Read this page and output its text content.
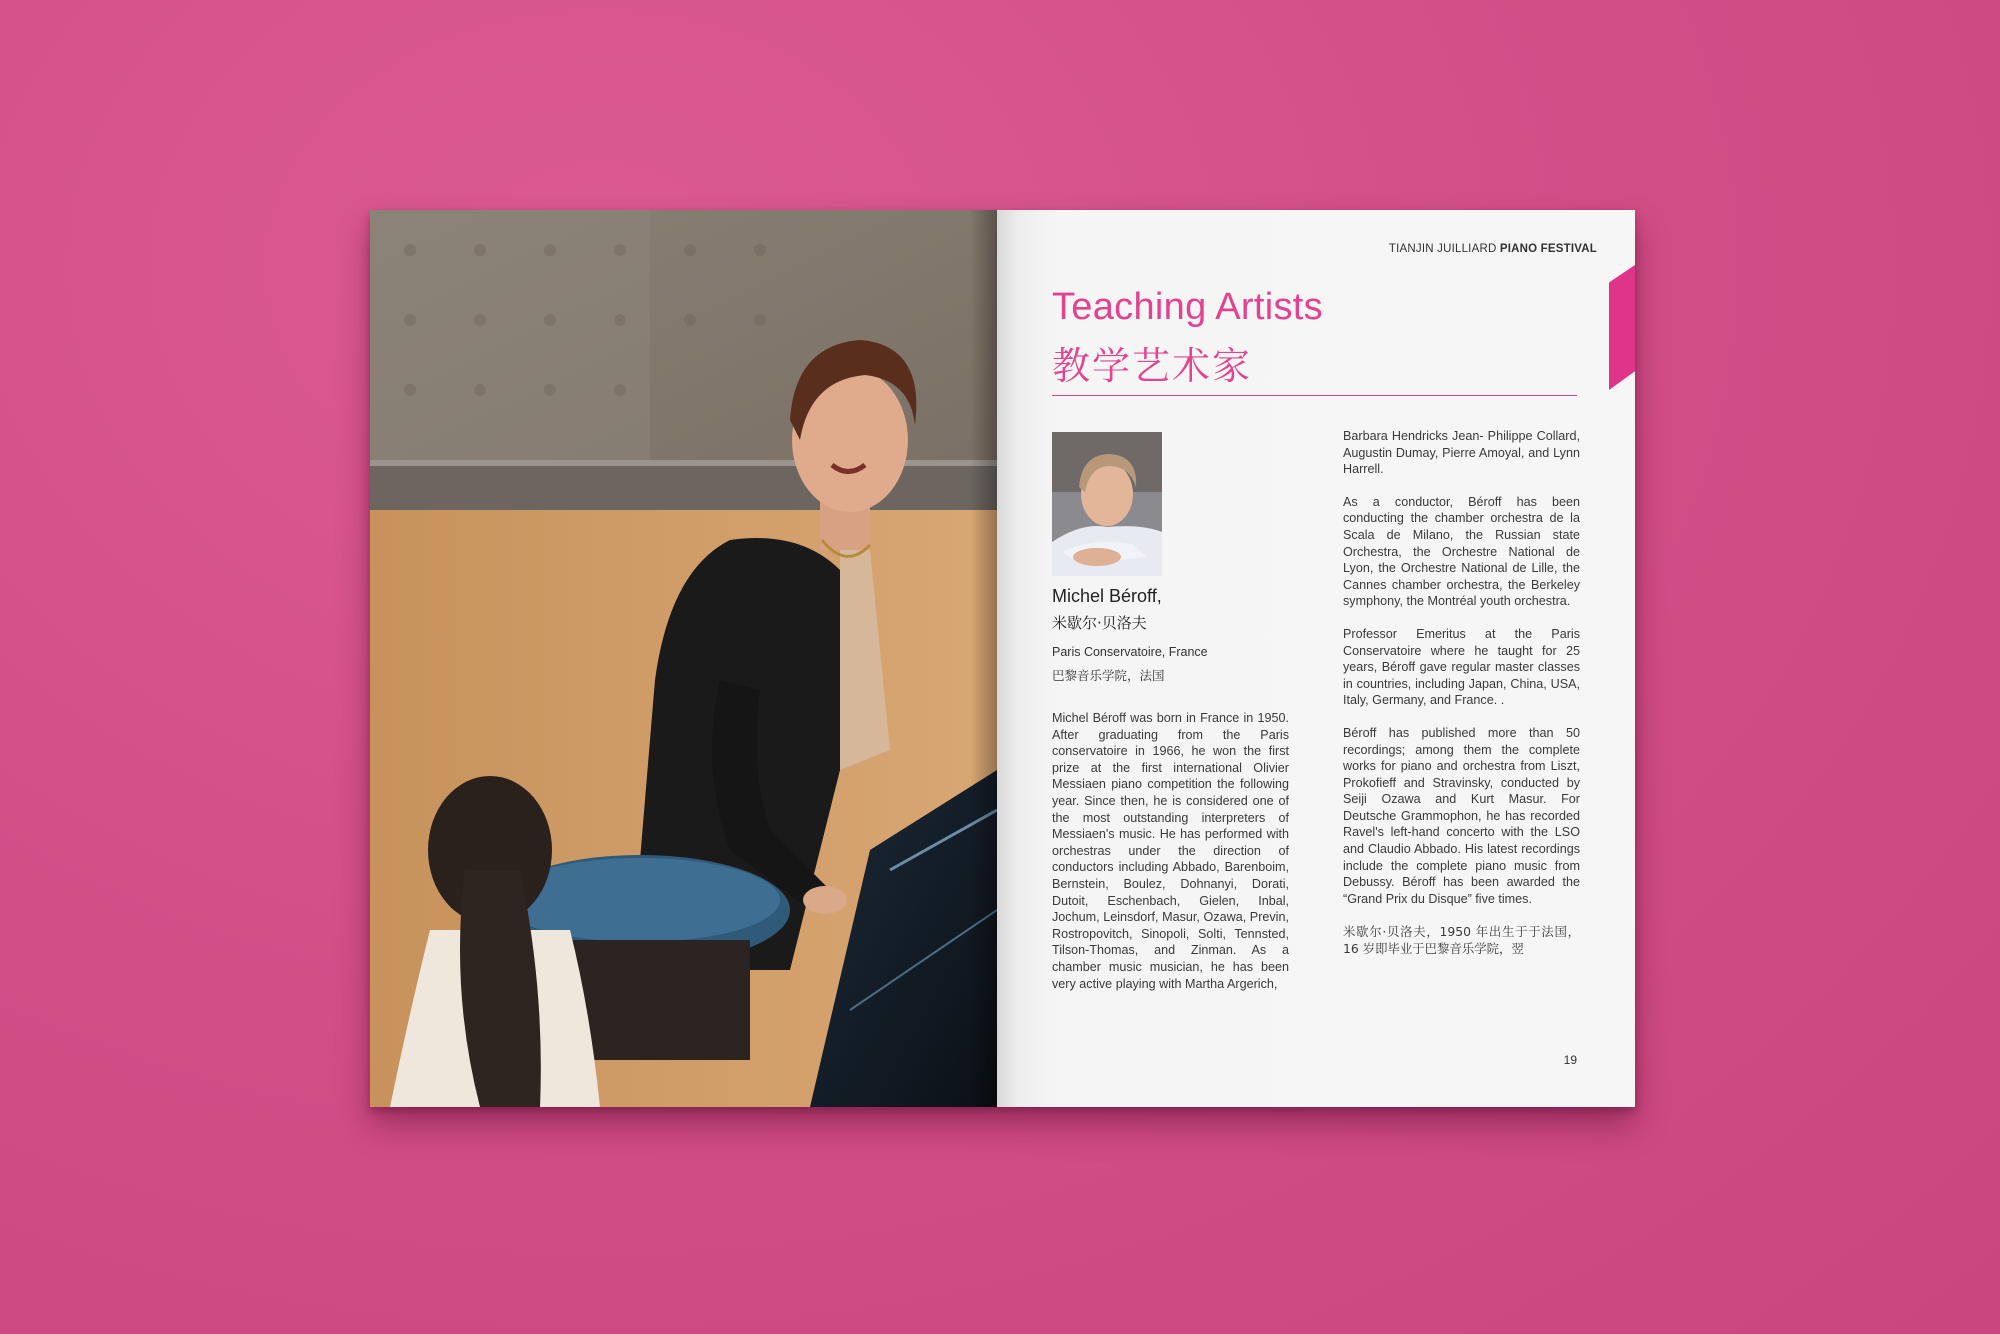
TIANJIN JUILLIARD PIANO FESTIVAL
Teaching Artists
教学艺术家
Michel Béroff,
米歇尔·贝洛夫
Paris Conservatoire, France
巴黎音乐学院，法国

Michel Béroff was born in France in 1950. After graduating from the Paris conservatoire in 1966, he won the first prize at the first international Olivier Messiaen piano competition the following year. Since then, he is considered one of the most outstanding interpreters of Messiaen's music. He has performed with orchestras under the direction of conductors including Abbado, Barenboim, Bernstein, Boulez, Dohnanyi, Dorati, Dutoit, Eschenbach, Gielen, Inbal, Jochum, Leinsdorf, Masur, Ozawa, Previn, Rostropovitch, Sinopoli, Solti, Tennsted, Tilson-Thomas, and Zinman. As a chamber music musician, he has been very active playing with Martha Argerich,

Barbara Hendricks Jean- Philippe Collard, Augustin Dumay, Pierre Amoyal, and Lynn Harrell.

As a conductor, Béroff has been conducting the chamber orchestra de la Scala de Milano, the Russian state Orchestra, the Orchestre National de Lyon, the Orchestre National de Lille, the Cannes chamber orchestra, the Berkeley symphony, the Montréal youth orchestra.

Professor Emeritus at the Paris Conservatoire where he taught for 25 years, Béroff gave regular master classes in countries, including Japan, China, USA, Italy, Germany, and France. .

Béroff has published more than 50 recordings; among them the complete works for piano and orchestra from Liszt, Prokofieff and Stravinsky, conducted by Seiji Ozawa and Kurt Masur. For Deutsche Grammophon, he has recorded Ravel's left-hand concerto with the LSO and Claudio Abbado. His latest recordings include the complete piano music from Debussy. Béroff has been awarded the “Grand Prix du Disque” five times.

米歇尔·贝洛夫，1950 年出生于于法国，16 岁即毕业于巴黎音乐学院，翌

19
